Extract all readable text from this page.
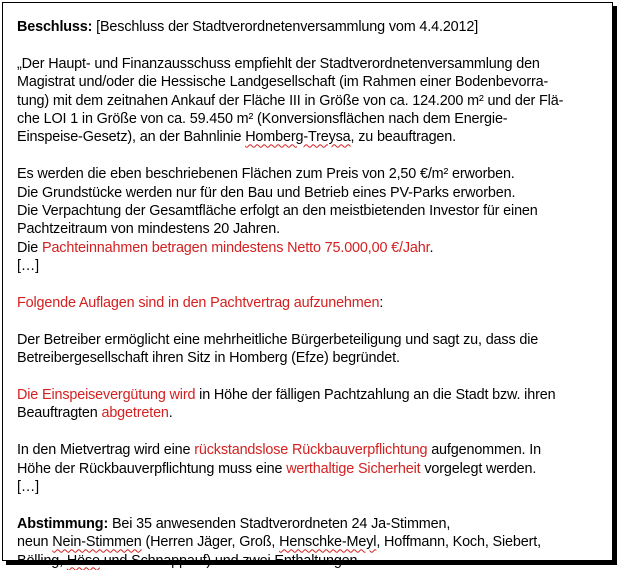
Beschluss: [Beschluss der Stadtverordnetenversammlung vom 4.4.2012]

„Der Haupt- und Finanzausschuss empfiehlt der Stadtverordnetenversammlung den

Magistrat und/oder die Hessische Landgesellschaft (im Rahmen einer Bodenbevorra-

tung) mit dem zeitnahen Ankauf der Fläche III in Größe von ca. 124.200 m² und der Flä-

che LOI 1 in Größe von ca. 59.450 m² (Konversionsflächen nach dem Energie-

Einspeise-Gesetz), an der Bahnlinie Homberg-Treysa, zu beauftragen.

Es werden die eben beschriebenen Flächen zum Preis von 2,50 €/m² erworben.

Die Grundstücke werden nur für den Bau und Betrieb eines PV-Parks erworben.

Die Verpachtung der Gesamtfläche erfolgt an den meistbietenden Investor für einen

Pachtzeitraum von mindestens 20 Jahren.

Die Pachteinnahmen betragen mindestens Netto 75.000,00 €/Jahr.

[…]

Folgende Auflagen sind in den Pachtvertrag aufzunehmen:

Der Betreiber ermöglicht eine mehrheitliche Bürgerbeteiligung und sagt zu, dass die

Betreibergesellschaft ihren Sitz in Homberg (Efze) begründet.

Die Einspeisevergütung wird in Höhe der fälligen Pachtzahlung an die Stadt bzw. ihren

Beauftragten abgetreten.

In den Mietvertrag wird eine rückstandslose Rückbauverpflichtung aufgenommen. In

Höhe der Rückbauverpflichtung muss eine werthaltige Sicherheit vorgelegt werden.

[…]

Abstimmung: Bei 35 anwesenden Stadtverordneten 24 Ja-Stimmen,

neun Nein-Stimmen (Herren Jäger, Groß, Henschke-Meyl, Hoffmann, Koch, Siebert,

Bölling, Höse und Schnappauf) und zwei Enthaltungen
